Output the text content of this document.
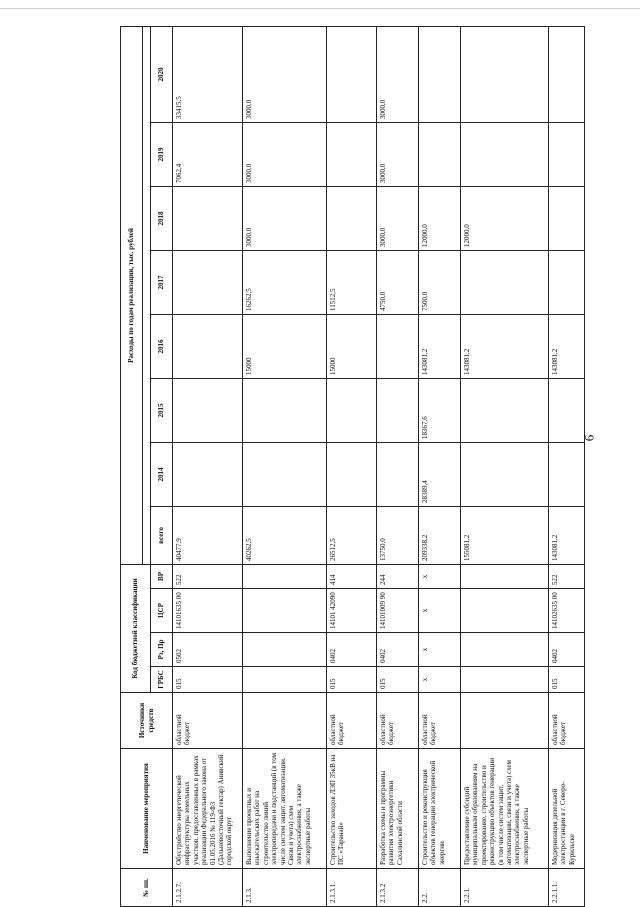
6
№ пп.	Наименование мероприятия	Источники средств	Код бюджетной классификации				Расходы по годам реализации, тыс. рублей							

			ГРБС	Рз, Пр	ЦСР	ВР	всего	2014	2015	2016	2017	2018	2019	2020
2.1.2.7.	Обустройство энергетической инфраструктуры земельных участков, предоставленных в рамках реализации Федерального закона от 01.05.2016 № 119-ФЗ (Дальневосточный гектар) Анивский городской округ	областной бюджет	015	0502	14101635 00	522	40477,9						7062,4	33415,5
2.1.3.	Выполнение проектных и изыскательских работ на строительство линий электропередачи и подстанций (в том числе систем защит, автоматизации. Связи и учета) схем электроснабжения, а также экспертные работы						40262,5			15000	16262,5	3000,0	3000,0	3000,0
2.1.3.1.	Строительство заходов ЛЭП 35кВ на ПС «Таранай»	областной бюджет	015	0402	14101 42090	414	26512,5			15000	11512,5			
2.1.3.2	Разработка схемы и программы развития электроэнергетики Сахалинской области	областной бюджет	015	0402	14101009 90	244	13750,0				4750,0	3000,0	3000,0	3000,0
2.2.	Строительство и реконструкция объектов генерации электрической энергии	областной бюджет	х	х	х	х	209338,2	28389,4	18367,6	143081,2	7500,0	12000,0		
2.2.1.	Предоставление субсидий муниципальным образованиям на проектирование, строительство и реконструкцию объектов генерации (в том числе систем защит, автоматизации, связи и учета) схем электроснабжения, а также экспертные работы						155081,2			143081,2		12000,0		
2.2.1.1.	Модернизация дизельной электростанции в г. Северо-Курильске	областной бюджет	015	0402	14102635 00	522	143081,2			143081,2				
